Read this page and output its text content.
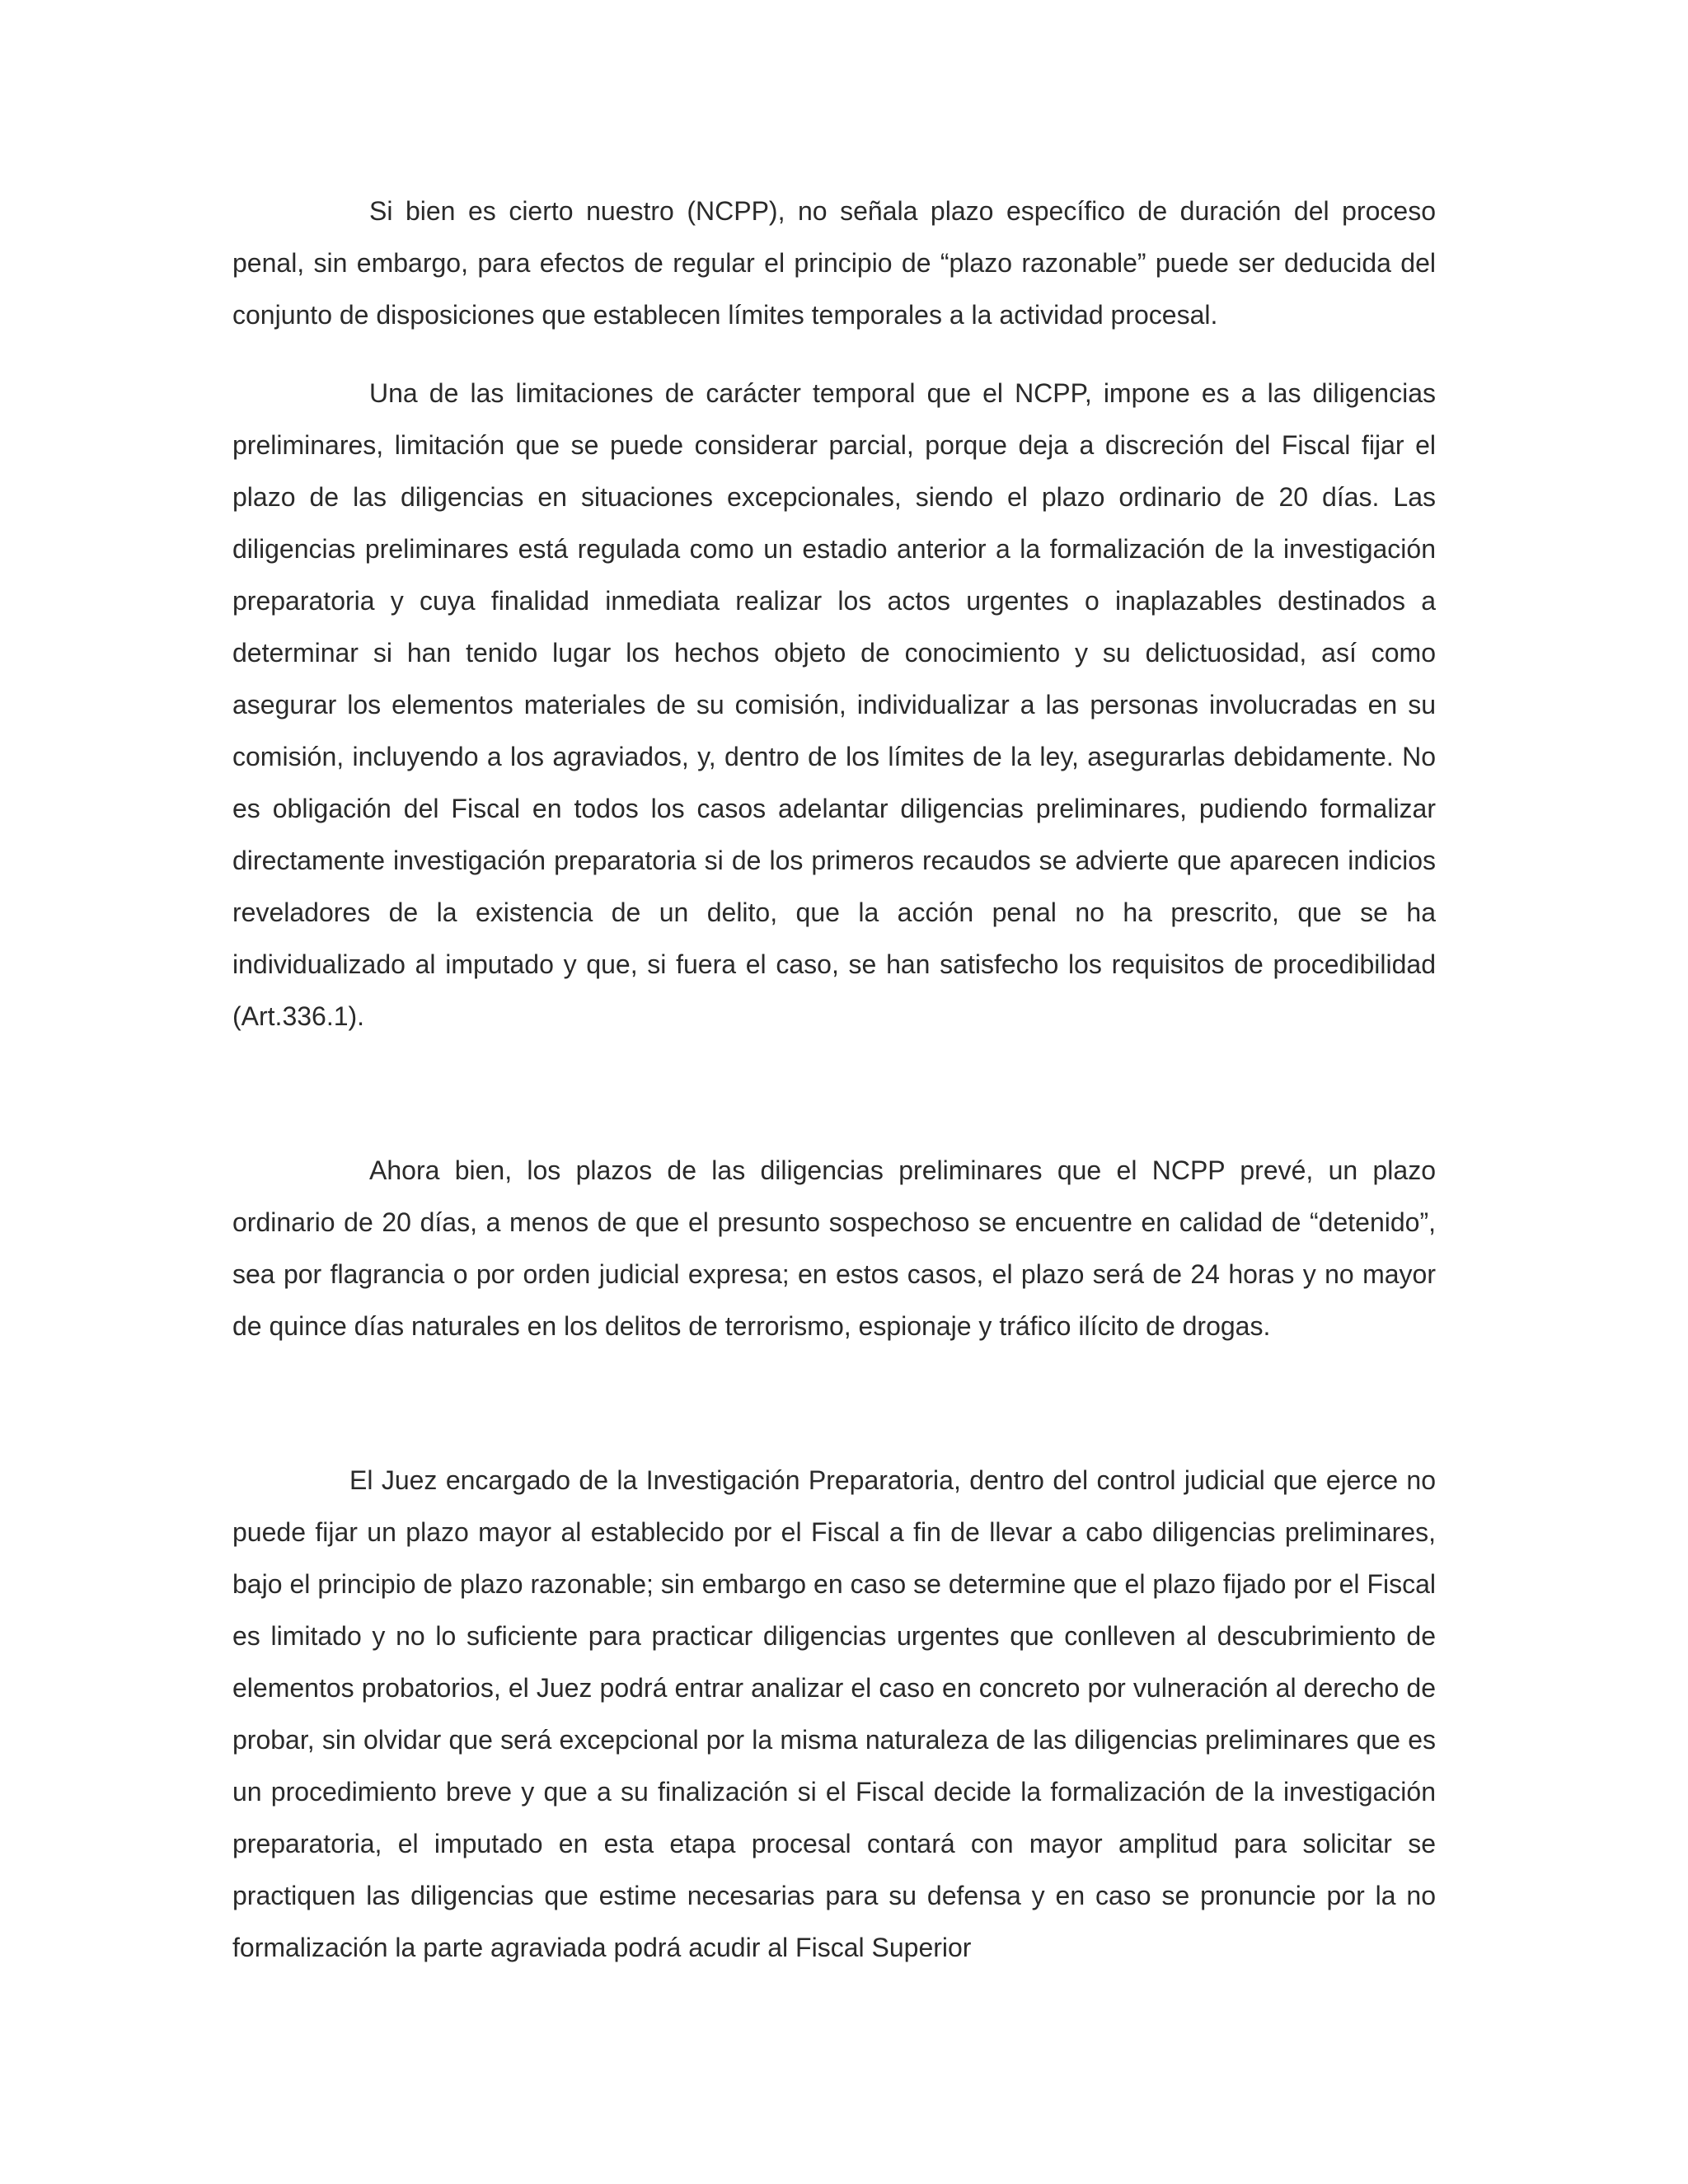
Si bien es cierto nuestro (NCPP), no señala plazo específico de duración del proceso penal, sin embargo, para efectos de regular el principio de “plazo razonable” puede ser deducida del conjunto de disposiciones que establecen límites temporales a la actividad procesal.

Una de las limitaciones de carácter temporal que el NCPP, impone es a las diligencias preliminares, limitación que se puede considerar parcial, porque deja a discreción del Fiscal fijar el plazo de las diligencias en situaciones excepcionales, siendo el plazo ordinario de 20 días. Las diligencias preliminares está regulada como un estadio anterior a la formalización de la investigación preparatoria y cuya finalidad inmediata realizar los actos urgentes o inaplazables destinados a determinar si han tenido lugar los hechos objeto de conocimiento y su delictuosidad, así como asegurar los elementos materiales de su comisión, individualizar a las personas involucradas en su comisión, incluyendo a los agraviados, y, dentro de los límites de la ley, asegurarlas debidamente. No es obligación del Fiscal en todos los casos adelantar diligencias preliminares, pudiendo formalizar directamente investigación preparatoria si de los primeros recaudos se advierte que aparecen indicios reveladores de la existencia de un delito, que la acción penal no ha prescrito, que se ha individualizado al imputado y que, si fuera el caso, se han satisfecho los requisitos de procedibilidad (Art.336.1).

Ahora bien, los plazos de las diligencias preliminares que el NCPP prevé, un plazo ordinario de 20 días, a menos de que el presunto sospechoso se encuentre en calidad de “detenido”, sea por flagrancia o por orden judicial expresa; en estos casos, el plazo será de 24 horas y no mayor de quince días naturales en los delitos de terrorismo, espionaje y tráfico ilícito de drogas.

El Juez encargado de la Investigación Preparatoria, dentro del control judicial que ejerce no puede fijar un plazo mayor al establecido por el Fiscal a fin de llevar a cabo diligencias preliminares, bajo el principio de plazo razonable; sin embargo en caso se determine que el plazo fijado por el Fiscal es limitado y no lo suficiente para practicar diligencias urgentes que conlleven al descubrimiento de elementos probatorios, el Juez podrá entrar analizar el caso en concreto por vulneración al derecho de probar, sin olvidar que será excepcional por la misma naturaleza de las diligencias preliminares que es un procedimiento breve y que a su finalización si el Fiscal decide la formalización de la investigación preparatoria, el imputado en esta etapa procesal contará con mayor amplitud para solicitar se practiquen las diligencias que estime necesarias para su defensa y en caso se pronuncie por la no formalización la parte agraviada podrá acudir al Fiscal Superior
